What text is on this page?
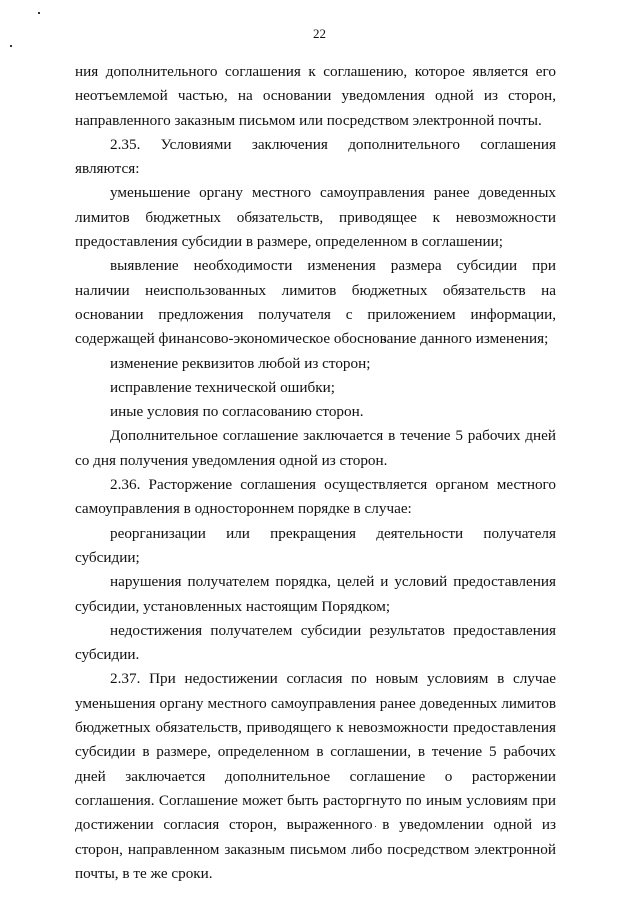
22

ния дополнительного соглашения к соглашению, которое является его неотъемлемой частью, на основании уведомления одной из сторон, направленного заказным письмом или посредством электронной почты.

2.35. Условиями заключения дополнительного соглашения являются:

уменьшение органу местного самоуправления ранее доведенных лимитов бюджетных обязательств, приводящее к невозможности предоставления субсидии в размере, определенном в соглашении;

выявление необходимости изменения размера субсидии при наличии неиспользованных лимитов бюджетных обязательств на основании предложения получателя с приложением информации, содержащей финансово-экономическое обоснование данного изменения;

изменение реквизитов любой из сторон;

исправление технической ошибки;

иные условия по согласованию сторон.

Дополнительное соглашение заключается в течение 5 рабочих дней со дня получения уведомления одной из сторон.

2.36. Расторжение соглашения осуществляется органом местного самоуправления в одностороннем порядке в случае:

реорганизации или прекращения деятельности получателя субсидии;

нарушения получателем порядка, целей и условий предоставления субсидии, установленных настоящим Порядком;

недостижения получателем субсидии результатов предоставления субсидии.

2.37. При недостижении согласия по новым условиям в случае уменьшения органу местного самоуправления ранее доведенных лимитов бюджетных обязательств, приводящего к невозможности предоставления субсидии в размере, определенном в соглашении, в течение 5 рабочих дней заключается дополнительное соглашение о расторжении соглашения. Соглашение может быть расторгнуто по иным условиям при достижении согласия сторон, выраженного в уведомлении одной из сторон, направленном заказным письмом либо посредством электронной почты, в те же сроки.
